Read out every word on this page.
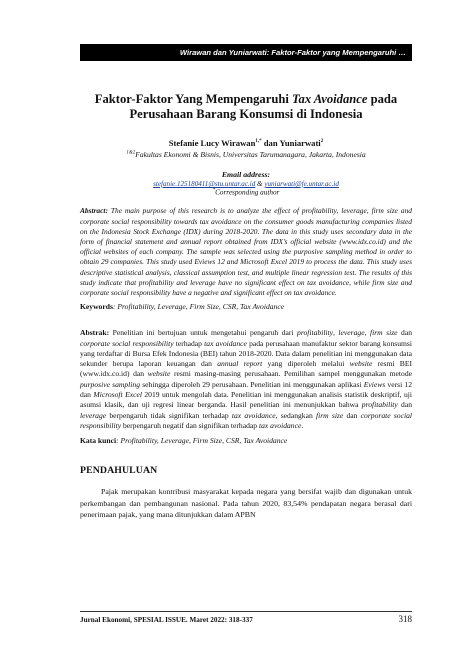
Wirawan dan Yuniarwati: Faktor-Faktor yang Mempengaruhi …
Faktor-Faktor Yang Mempengaruhi Tax Avoidance pada
Perusahaan Barang Konsumsi di Indonesia
Stefanie Lucy Wirawan$^{1,*}$ dan Yuniarwati$^2$
$^{1\&2}$Fakultas Ekonomi & Bisnis, Universitas Tarumanagara, Jakarta, Indonesia
Email address:
stefanie.125180411@stu.untar.ac.id & yuniarwati@fe.untar.ac.id
*Corresponding author
Abstract: The main purpose of this research is to analyze the effect of profitability, leverage, firm size and corporate social responsibility towards tax avoidance on the consumer goods manufacturing companies listed on the Indonesia Stock Exchange (IDX) during 2018-2020. The data in this study uses secondary data in the form of financial statement and annual report obtained from IDX’s official website (www.idx.co.id) and the official websites of each company. The sample was selected using the purposive sampling method in order to obtain 29 companies. This study used Eviews 12 and Microsoft Excel 2019 to process the data. This study uses descriptive statistical analysis, classical assumption test, and multiple linear regression test. The results of this study indicate that profitability and leverage have no significant effect on tax avoidance, while firm size and corporate social responsibility have a negative and significant effect on tax avoidance.
Keywords: Profitability, Leverage, Firm Size, CSR, Tax Avoidance
Abstrak: Penelitian ini bertujuan untuk mengetahui pengaruh dari profitability, leverage, firm size dan corporate social responsibility terhadap tax avoidance pada perusahaan manufaktur sektor barang konsumsi yang terdaftar di Bursa Efek Indonesia (BEI) tahun 2018-2020. Data dalam penelitian ini menggunakan data sekunder berupa laporan keuangan dan annual report yang diperoleh melalui website resmi BEI (www.idx.co.id) dan website resmi masing-masing perusahaan. Pemilihan sampel menggunakan metode purposive sampling sehingga diperoleh 29 perusahaan. Penelitian ini menggunakan aplikasi Eviews versi 12 dan Microsoft Excel 2019 untuk mengolah data. Penelitian ini menggunakan analisis statistik deskriptif, uji asumsi klasik, dan uji regresi linear berganda. Hasil penelitian ini menunjukkan bahwa profitability dan leverage berpengaruh tidak signifikan terhadap tax avoidance, sedangkan firm size dan corporate social responsibility berpengaruh negatif dan signifikan terhadap tax avoidance.
Kata kunci: Profitability, Leverage, Firm Size, CSR, Tax Avoidance
PENDAHULUAN

Pajak merupakan kontribusi masyarakat kepada negara yang bersifat wajib dan digunakan untuk perkembangan dan pembangunan nasional. Pada tahun 2020, 83,54% pendapatan negara berasal dari penerimaan pajak, yang mana ditunjukkan dalam APBN

Jurnal Ekonomi, SPESIAL ISSUE. Maret 2022: 318-337	318
